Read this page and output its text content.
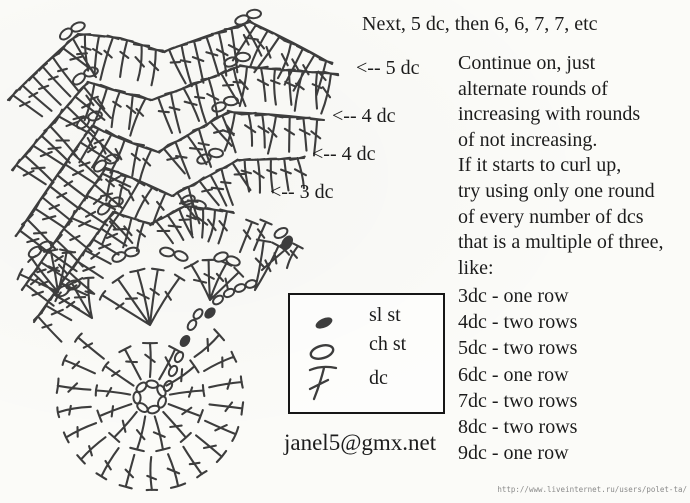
Next, 5 dc, then 6, 6, 7, 7, etc
<-- 5 dc
<-- 4 dc
<-- 4 dc
<-- 3 dc
Continue on, just
alternate rounds of
increasing with rounds
of not increasing.
If it starts to curl up,
try using only one round
of every number of dcs
that is a multiple of three,
like:
3dc - one row
4dc - two rows
5dc - two rows
6dc - one row
7dc - two rows
8dc - two rows
9dc - one row
sl st
ch st
dc
janel5@gmx.net
http://www.liveinternet.ru/users/polet-ta/
